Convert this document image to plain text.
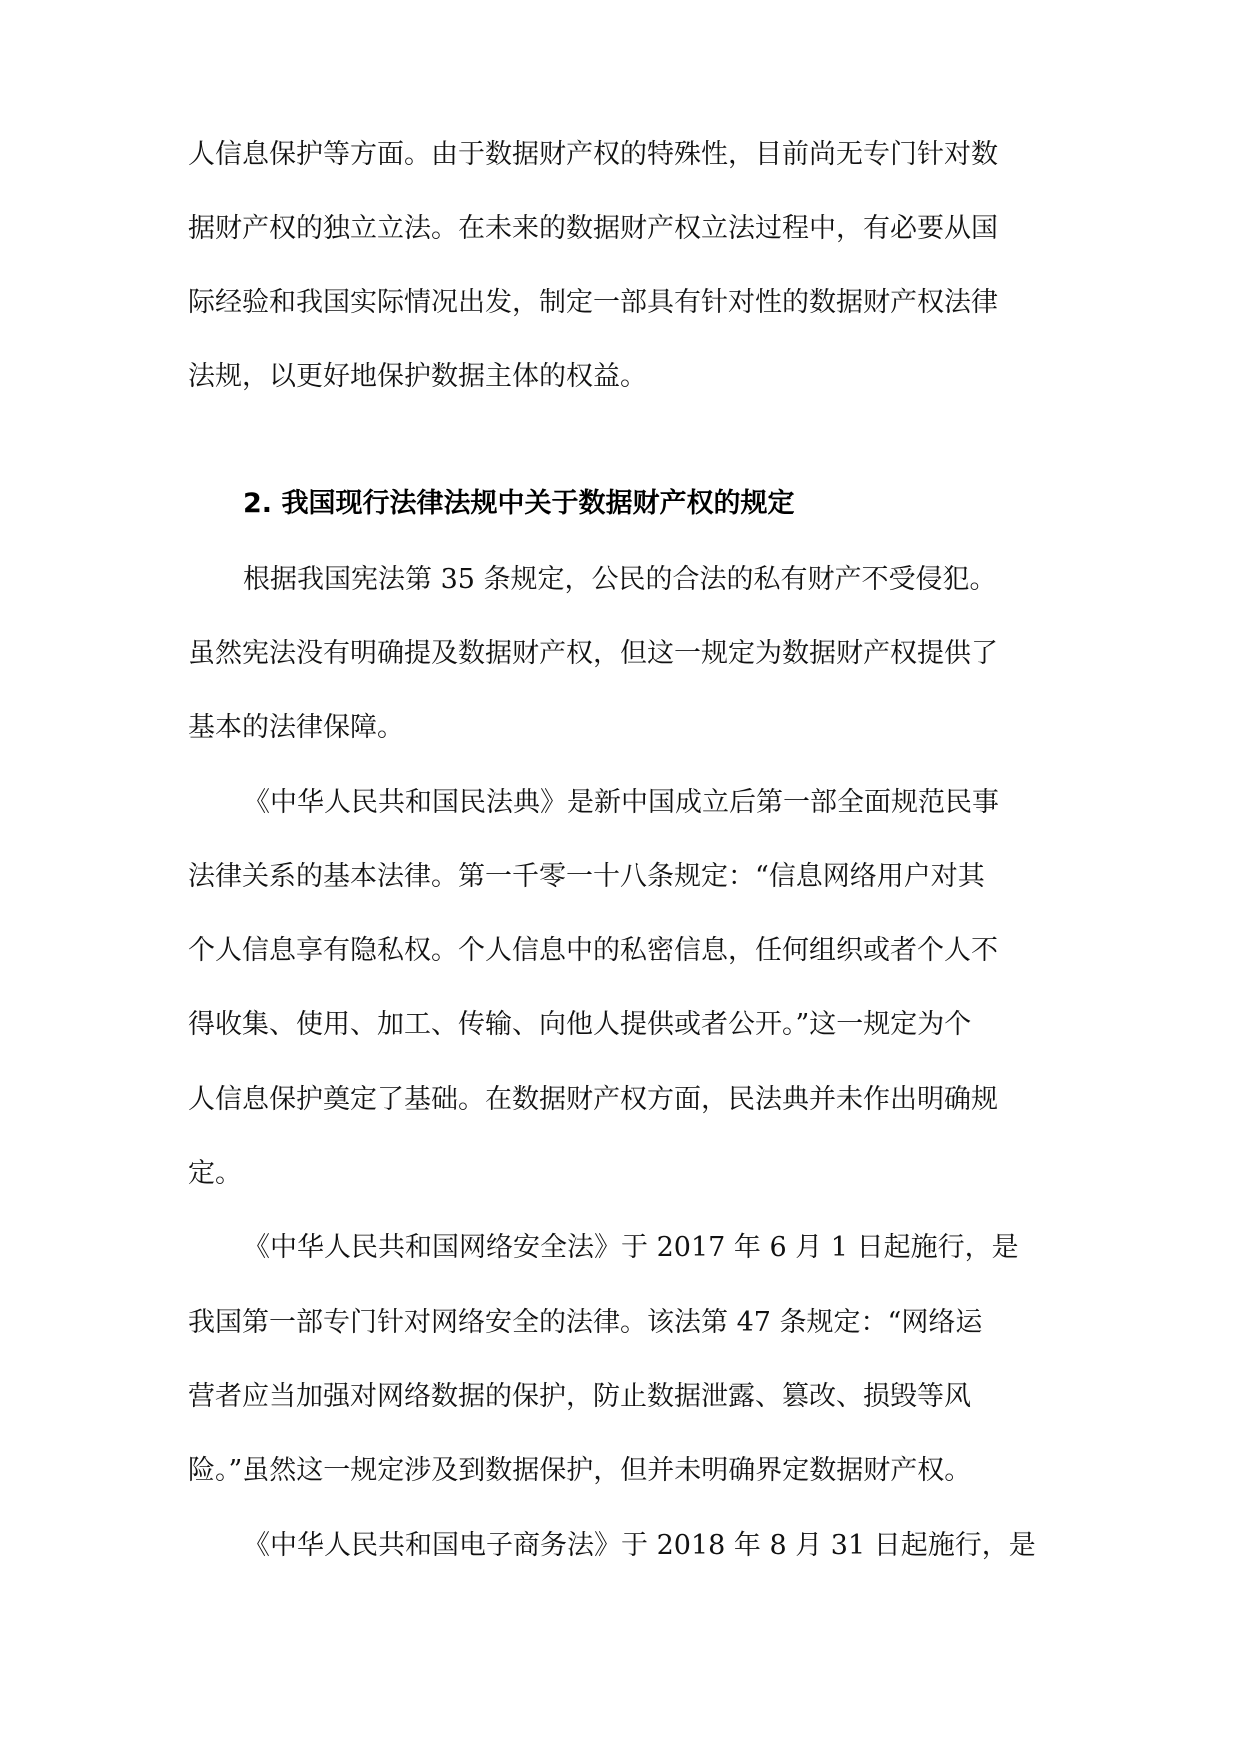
人信息保护等方面。由于数据财产权的特殊性，目前尚无专门针对数
据财产权的独立立法。在未来的数据财产权立法过程中，有必要从国
际经验和我国实际情况出发，制定一部具有针对性的数据财产权法律
法规，以更好地保护数据主体的权益。
2. 我国现行法律法规中关于数据财产权的规定
根据我国宪法第 35 条规定，公民的合法的私有财产不受侵犯。
虽然宪法没有明确提及数据财产权，但这一规定为数据财产权提供了
基本的法律保障。
《中华人民共和国民法典》是新中国成立后第一部全面规范民事
法律关系的基本法律。第一千零一十八条规定：“信息网络用户对其
个人信息享有隐私权。个人信息中的私密信息，任何组织或者个人不
得收集、使用、加工、传输、向他人提供或者公开。”这一规定为个
人信息保护奠定了基础。在数据财产权方面，民法典并未作出明确规
定。
《中华人民共和国网络安全法》于 2017 年 6 月 1 日起施行，是
我国第一部专门针对网络安全的法律。该法第 47 条规定：“网络运
营者应当加强对网络数据的保护，防止数据泄露、篡改、损毁等风
险。”虽然这一规定涉及到数据保护，但并未明确界定数据财产权。
《中华人民共和国电子商务法》于 2018 年 8 月 31 日起施行，是
